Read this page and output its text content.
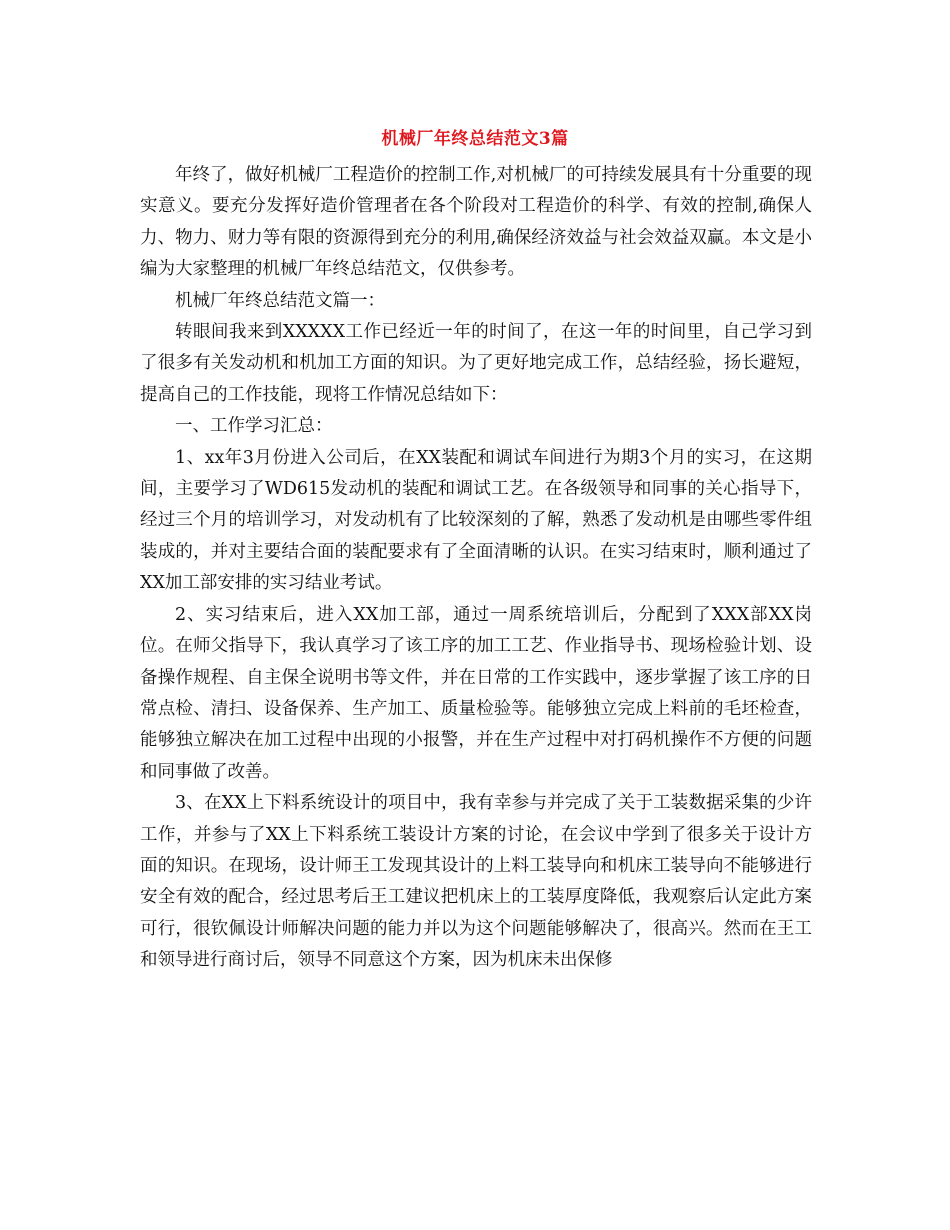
机械厂年终总结范文3篇

年终了，做好机械厂工程造价的控制工作,对机械厂的可持续发展具有十分重要的现实意义。要充分发挥好造价管理者在各个阶段对工程造价的科学、有效的控制,确保人力、物力、财力等有限的资源得到充分的利用,确保经济效益与社会效益双赢。本文是小编为大家整理的机械厂年终总结范文，仅供参考。

机械厂年终总结范文篇一：

转眼间我来到XXXXX工作已经近一年的时间了，在这一年的时间里，自己学习到了很多有关发动机和机加工方面的知识。为了更好地完成工作，总结经验，扬长避短，提高自己的工作技能，现将工作情况总结如下：

一、工作学习汇总：

1、xx年3月份进入公司后，在XX装配和调试车间进行为期3个月的实习，在这期间，主要学习了WD615发动机的装配和调试工艺。在各级领导和同事的关心指导下，经过三个月的培训学习，对发动机有了比较深刻的了解，熟悉了发动机是由哪些零件组装成的，并对主要结合面的装配要求有了全面清晰的认识。在实习结束时，顺利通过了XX加工部安排的实习结业考试。

2、实习结束后，进入XX加工部，通过一周系统培训后，分配到了XXX部XX岗位。在师父指导下，我认真学习了该工序的加工工艺、作业指导书、现场检验计划、设备操作规程、自主保全说明书等文件，并在日常的工作实践中，逐步掌握了该工序的日常点检、清扫、设备保养、生产加工、质量检验等。能够独立完成上料前的毛坯检查，能够独立解决在加工过程中出现的小报警，并在生产过程中对打码机操作不方便的问题和同事做了改善。

3、在XX上下料系统设计的项目中，我有幸参与并完成了关于工装数据采集的少许工作，并参与了XX上下料系统工装设计方案的讨论，在会议中学到了很多关于设计方面的知识。在现场，设计师王工发现其设计的上料工装导向和机床工装导向不能够进行安全有效的配合，经过思考后王工建议把机床上的工装厚度降低，我观察后认定此方案可行，很钦佩设计师解决问题的能力并以为这个问题能够解决了，很高兴。然而在王工和领导进行商讨后，领导不同意这个方案，因为机床未出保修
